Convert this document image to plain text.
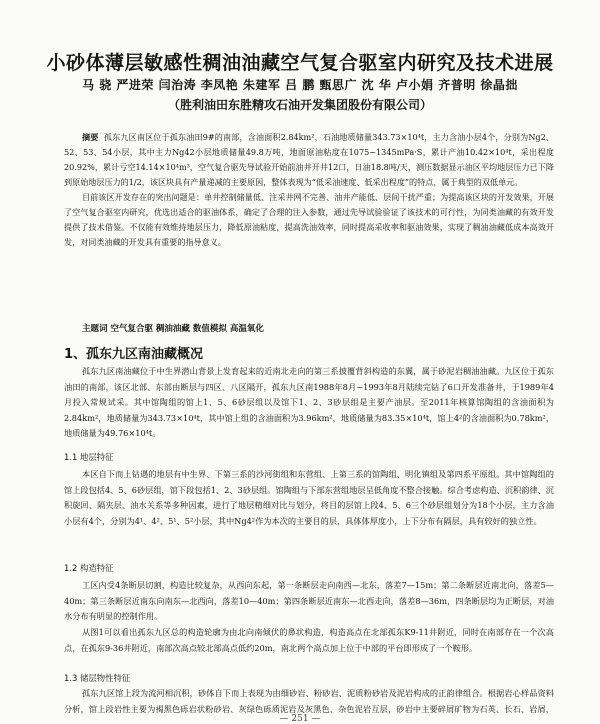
小砂体薄层敏感性稠油油藏空气复合驱室内研究及技术进展
马 骁 严进荣 闫治涛 李凤艳 朱建军 吕 鹏 甄思广 沈 华 卢小娟 齐普明 徐晶拙
（胜利油田东胜精攻石油开发集团股份有限公司）
摘要 孤东九区南区位于孤东油田9#的南部，含油面积2.84km²，石油地质储量343.73×10⁴t，主力含油小层4个，分别为Ng2、52、53、54小层，其中主力Ng42小层地质储量49.8万吨，地面原油粘度在1075~1345mPa·S，累计产油10.42×10⁴t，采出程度20.92%，累计亏空14.14×10⁴m³，空气复合驱先导试验开始前油井开井12口，日油18.8吨/天，测压数据显示油区平均地层压力已下降到原始地层压力的1/2，该区块具有产量递减的主要原因，整体表现为“低采油速度、低采出程度”的特点，属于典型的双低单元。
目前该区开发存在的突出问题是：单井控制储量低、注采井网不完善、油井产能低、层间干扰严重；为提高该区块的开发效果，开展了空气复合驱室内研究，优选出适合的驱油体系，确定了合理的注入参数，通过先导试验验证了该技术的可行性，为同类油藏的有效开发提供了技术借鉴。不仅能有效维持地层压力，降低原油粘度，提高洗油效率，同时提高采收率和驱油效果，实现了稠油油藏低成本高效开发，对同类油藏的开发具有重要的指导意义。
主题词 空气复合驱 稠油油藏 数值模拟 高温氧化
1、孤东九区南油藏概况
孤东九区南油藏位于中生界潜山背景上发育起来的近南北走向的第三系披覆背斜构造的东翼，属于砂泥岩稠油油藏。九区位于孤东油田的南部，该区北部、东部由断层与四区、八区隔开，孤东九区南1988年8月~1993年8月陆续完钻了6口开发准备井，于1989年4月投入常规试采。其中馆陶组的馆上1、5、6砂层组以及馆下1、2、3砂层组是主要产油层。至2011年核算馆陶组的含油面积为2.84km²，地质储量为343.73×10⁴t，其中馆上组的含油面积为3.96km²，地质储量为83.35×10⁴t，馆上4²的含油面积为0.78km²，地质储量为49.76×10⁴t。
1.1 地层特征
本区自下而上钻遇的地层有中生界、下第三系的沙河街组和东营组、上第三系的馆陶组、明化镇组及第四系平原组。其中馆陶组的馆上段包括4、5、6砂层组，馆下段包括1、2、3砂层组。馆陶组与下部东营组地层呈低角度不整合接触。综合考虑构造、沉积韵律、沉积旋回、隔夹层、油水关系等多种因素，进行了地层精细对比与划分，将目的层馆上段4、5、6三个砂层组划分为18个小层，主力含油小层有4个，分别为4¹、4²、5¹、5²小层，其中Ng4²作为本次的主要目的层，具体体厚度小，上下分布有隔层，具有较好的独立性。
1.2 构造特征
工区内受4条断层切割，构造比较复杂，从西向东起，第一条断层走向南西—北东，落差7—15m；第二条断层近南北向，落差5—40m；第三条断层近南东向南东—北西向，落差10—40m；第四条断层近南东—北西走向，落差8—36m，四条断层均为正断层，对油水分布有明显的控制作用。
从图1可以看出孤东九区总的构造轮廓为由北向南倾伏的鼻状构造，构造高点在北部孤东K9-11井附近，同时在南部存在一个次高点，在孤东9-36井附近，南部次高点较北部高点低约20m，南北两个高点加上位于中部的平台即形成了一个鞍形。
1.3 储层物性特征
孤东九区馆上段为流河相沉积，砂体自下而上表现为由细砂岩、粉砂岩、泥质粉砂岩及泥岩构成的正韵律组合。根据岩心样品资料分析，馆上段岩性主要为褐黑色砾岩状粉砂岩、灰绿色砾质泥岩及灰黑色、杂色泥岩互层，砂岩中主要碎屑矿物为石英、长石、岩屑，
— 251 —
